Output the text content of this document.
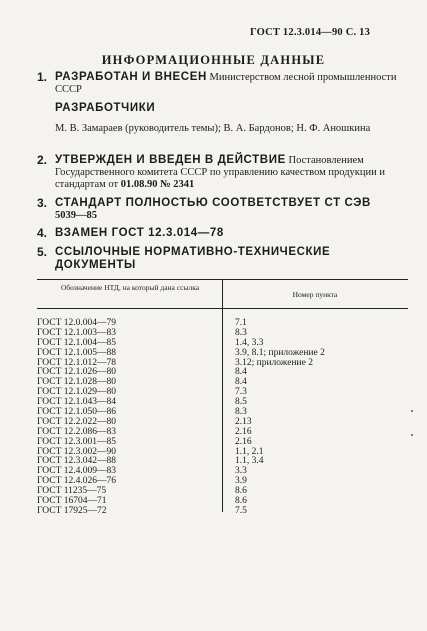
ГОСТ 12.3.014—90 С. 13
ИНФОРМАЦИОННЫЕ ДАННЫЕ
1. РАЗРАБОТАН И ВНЕСЕН Министерством лесной промышленности СССР
РАЗРАБОТЧИКИ
М. В. Замараев (руководитель темы); В. А. Бардонов; Н. Ф. Аношкина
2. УТВЕРЖДЕН И ВВЕДЕН В ДЕЙСТВИЕ Постановлением Государственного комитета СССР по управлению качеством продукции и стандартам от 01.08.90 № 2341
3. СТАНДАРТ ПОЛНОСТЬЮ СООТВЕТСТВУЕТ СТ СЭВ
5039—85
4. ВЗАМЕН ГОСТ 12.3.014—78
5. ССЫЛОЧНЫЕ НОРМАТИВНО-ТЕХНИЧЕСКИЕ ДОКУМЕНТЫ
Обозначение НТД, на который дана ссылка
Номер пункта
ГОСТ 12.0.004—79	7.1
ГОСТ 12.1.003—83	8.3
ГОСТ 12.1.004—85	1.4, 3.3
ГОСТ 12.1.005—88	3.9, 8.1; приложение 2
ГОСТ 12.1.012—78	3.12; приложение 2
ГОСТ 12.1.026—80	8.4
ГОСТ 12.1.028—80	8.4
ГОСТ 12.1.029—80	7.3
ГОСТ 12.1.043—84	8.5
ГОСТ 12.1.050—86	8.3
ГОСТ 12.2.022—80	2.13
ГОСТ 12.2.086—83	2.16
ГОСТ 12.3.001—85	2.16
ГОСТ 12.3.002—90	1.1, 2.1
ГОСТ 12.3.042—88	1.1, 3.4
ГОСТ 12.4.009—83	3.3
ГОСТ 12.4.026—76	3.9
ГОСТ 11235—75	8.6
ГОСТ 16704—71	8.6
ГОСТ 17925—72	7.5
